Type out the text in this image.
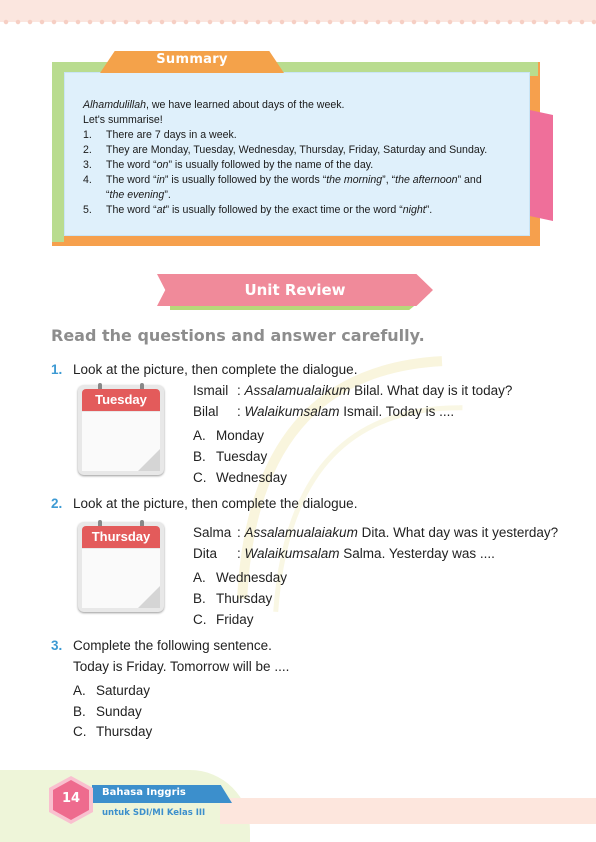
Summary
Alhamdulillah, we have learned about days of the week.
Let's summarise!
1.	There are 7 days in a week.
2.	They are Monday, Tuesday, Wednesday, Thursday, Friday, Saturday and Sunday.
3.	The word “on” is usually followed by the name of the day.
4.	The word “in” is usually followed by the words “the morning”, “the afternoon” and
“the evening”.
5.	The word “at” is usually followed by the exact time or the word “night”.
Unit Review
Read the questions and answer carefully.
1. Look at the picture, then complete the dialogue.
Tuesday
Ismail : Assalamualaikum Bilal. What day is it today?
Bilal : Walaikumsalam Ismail. Today is ....
A. Monday
B. Tuesday
C. Wednesday
2. Look at the picture, then complete the dialogue.
Thursday	Salma : Assalamualaiakum Dita. What day was it yesterday?
Dita : Walaikumsalam Salma. Yesterday was ....
A. Wednesday
B. Thursday
C. Friday
3. Complete the following sentence.
Today is Friday. Tomorrow will be ....
A. Saturday
B. Sunday
C. Thursday
Bahasa Inggris
untuk SDI/MI Kelas III
14
